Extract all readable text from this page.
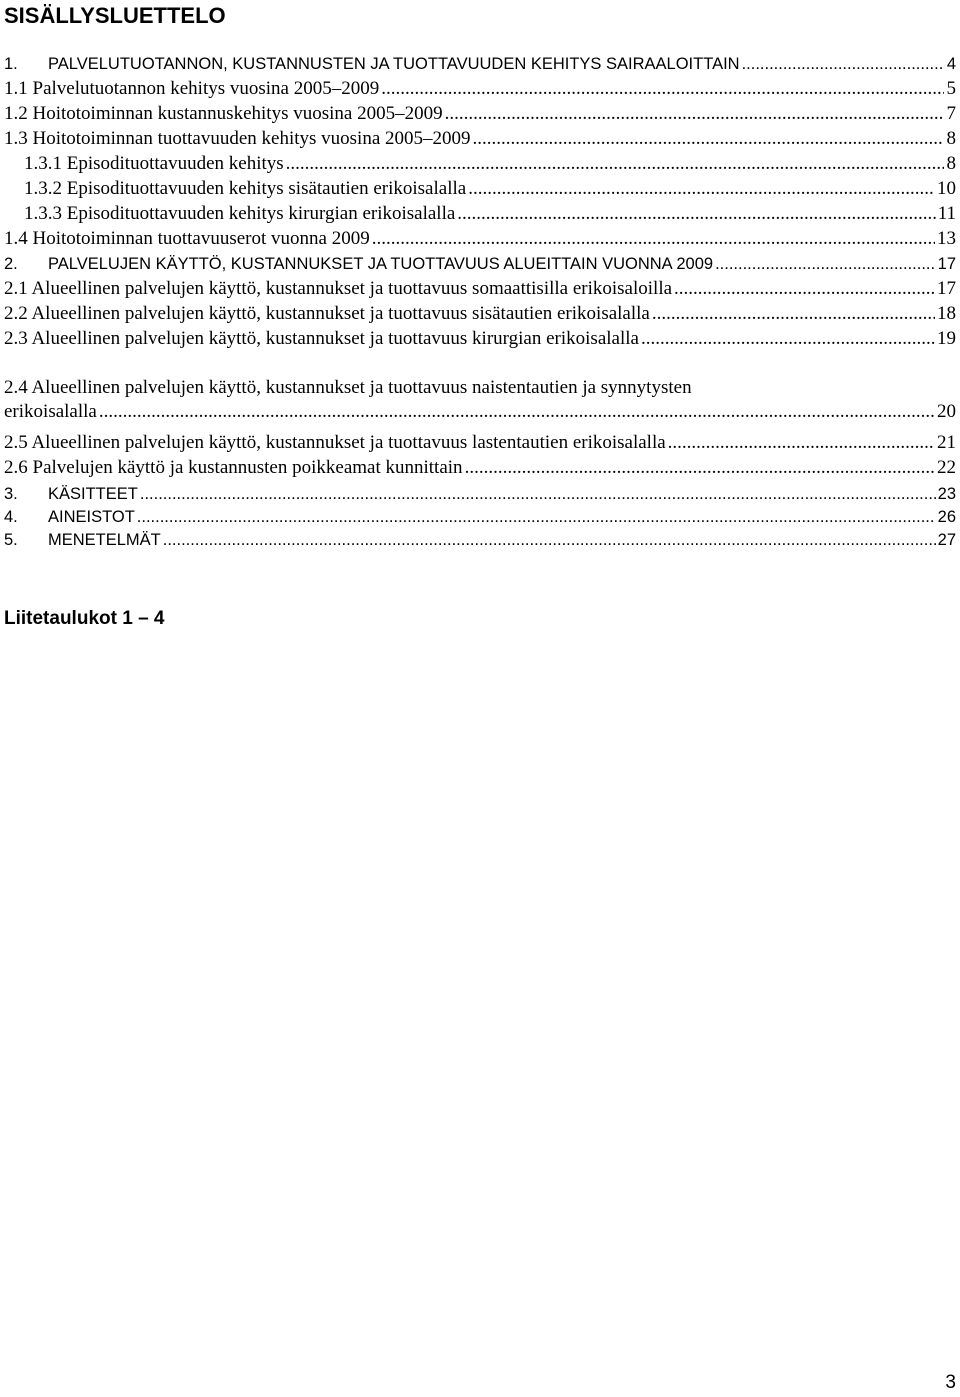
SISÄLLYSLUETTELO
1. PALVELUTUOTANNON, KUSTANNUSTEN JA TUOTTAVUUDEN KEHITYS SAIRAALOITTAIN .....	4
1.1 Palvelutuotannon kehitys vuosina 2005–2009 .....	5
1.2 Hoitotoiminnan kustannuskehitys vuosina 2005–2009 .....	7
1.3 Hoitotoiminnan tuottavuuden kehitys vuosina 2005–2009 .....	8
1.3.1 Episodituottavuuden kehitys .....	8
1.3.2 Episodituottavuuden kehitys sisätautien erikoisalalla .....	10
1.3.3 Episodituottavuuden kehitys kirurgian erikoisalalla .....	11
1.4 Hoitotoiminnan tuottavuuserot vuonna 2009 .....	13
2. PALVELUJEN KÄYTTÖ, KUSTANNUKSET JA TUOTTAVUUS ALUEITTAIN VUONNA 2009 .....	17
2.1 Alueellinen palvelujen käyttö, kustannukset ja tuottavuus somaattisilla erikoisaloilla .....	17
2.2 Alueellinen palvelujen käyttö, kustannukset ja tuottavuus sisätautien erikoisalalla .....	18
2.3 Alueellinen palvelujen käyttö, kustannukset ja tuottavuus kirurgian erikoisalalla .....	19
2.4 Alueellinen palvelujen käyttö, kustannukset ja tuottavuus naistentautien ja synnytysten
erikoisalalla .....	20
2.5 Alueellinen palvelujen käyttö, kustannukset ja tuottavuus lastentautien erikoisalalla .....	21
2.6 Palvelujen käyttö ja kustannusten poikkeamat kunnittain .....	22
3. KÄSITTEET .....	23
4. AINEISTOT .....	26
5. MENETELMÄT .....	27
Liitetaulukot 1 – 4
3
